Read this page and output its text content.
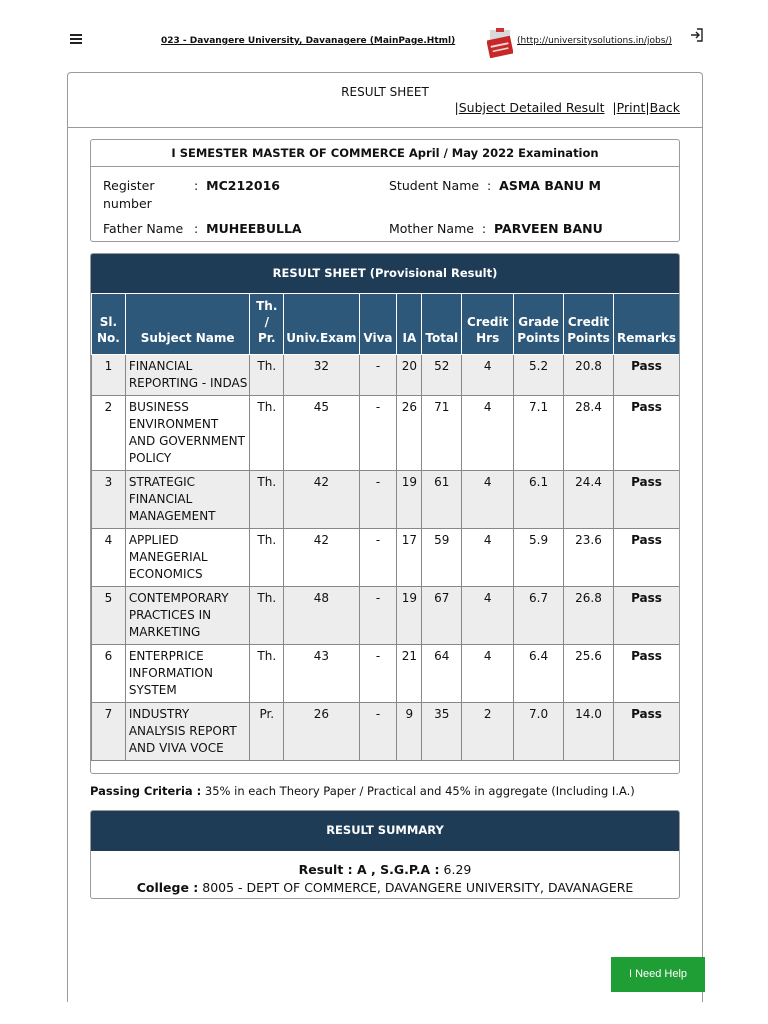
023 - Davangere University, Davanagere (MainPage.Html)	(http://universitysolutions.in/jobs/)
RESULT SHEET
|Subject Detailed Result  |Print|Back
I SEMESTER MASTER OF COMMERCE April / May 2022 Examination
Register
number
:  MC212016	Student Name  :  ASMA BANU M
Father Name :  MUHEEBULLA	Mother Name  :  PARVEEN BANU
RESULT SHEET (Provisional Result)
Sl.
No.	Subject Name	Th.
/
Pr.	Univ.Exam	Viva	IA	Total	Credit
Hrs	Grade
Points	Credit
Points	Remarks
1	FINANCIAL REPORTING - INDAS	Th.	32	-	20	52	4	5.2	20.8	Pass
2	BUSINESS ENVIRONMENT AND GOVERNMENT POLICY	Th.	45	-	26	71	4	7.1	28.4	Pass
3	STRATEGIC FINANCIAL MANAGEMENT	Th.	42	-	19	61	4	6.1	24.4	Pass
4	APPLIED MANEGERIAL ECONOMICS	Th.	42	-	17	59	4	5.9	23.6	Pass
5	CONTEMPORARY PRACTICES IN MARKETING	Th.	48	-	19	67	4	6.7	26.8	Pass
6	ENTERPRICE INFORMATION SYSTEM	Th.	43	-	21	64	4	6.4	25.6	Pass
7	INDUSTRY ANALYSIS REPORT AND VIVA VOCE	Pr.	26	-	9	35	2	7.0	14.0	Pass
Passing Criteria : 35% in each Theory Paper / Practical and 45% in aggregate (Including I.A.)
RESULT SUMMARY
Result : A , S.G.P.A : 6.29
College : 8005 - DEPT OF COMMERCE, DAVANGERE UNIVERSITY, DAVANAGERE
I Need Help
